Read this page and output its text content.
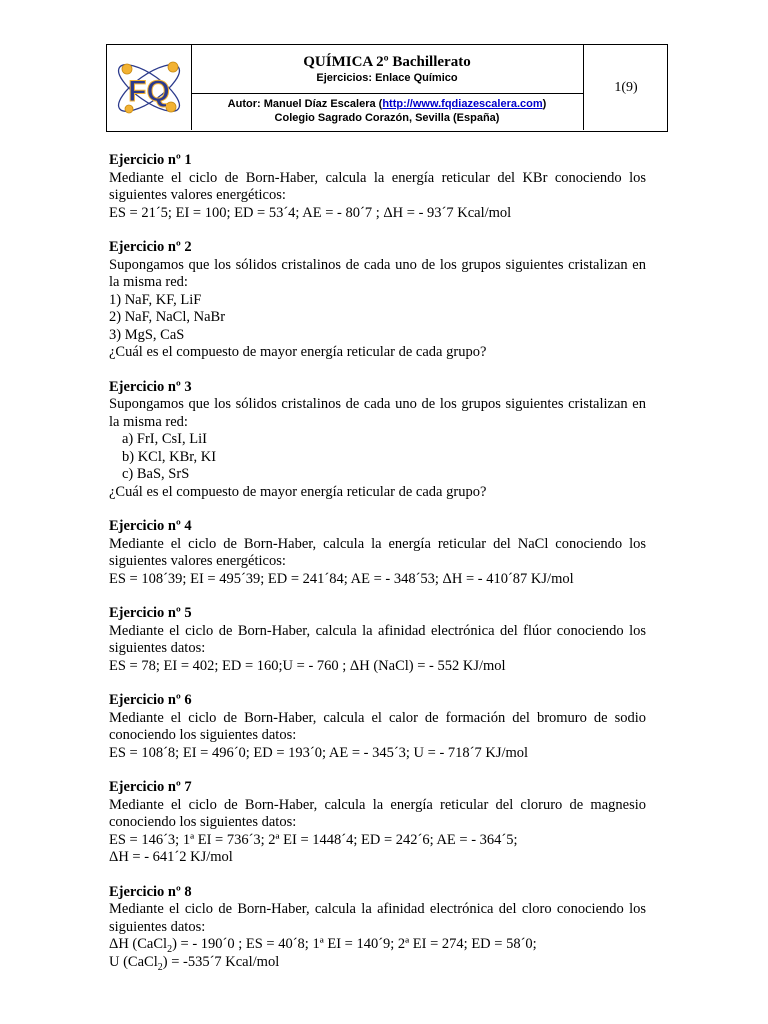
FQ
QUÍMICA 2º Bachillerato
Ejercicios: Enlace Químico
Autor: Manuel Díaz Escalera (http://www.fqdiazescalera.com)
Colegio Sagrado Corazón, Sevilla (España)
1(9)
Ejercicio nº 1
Mediante el ciclo de Born-Haber, calcula la energía reticular del KBr conociendo los siguientes valores energéticos:
ES = 21´5; EI = 100; ED = 53´4; AE = - 80´7 ; ΔH = - 93´7 Kcal/mol
Ejercicio nº 2
Supongamos que los sólidos cristalinos de cada uno de los grupos siguientes cristalizan en la misma red:
1) NaF, KF, LiF
2) NaF, NaCl, NaBr
3) MgS, CaS
¿Cuál es el compuesto de mayor energía reticular de cada grupo?
Ejercicio nº 3
Supongamos que los sólidos cristalinos de cada uno de los grupos siguientes cristalizan en la misma red:
a) FrI, CsI, LiI
b) KCl, KBr, KI
c) BaS, SrS
¿Cuál es el compuesto de mayor energía reticular de cada grupo?
Ejercicio nº 4
Mediante el ciclo de Born-Haber, calcula la energía reticular del NaCl conociendo los siguientes valores energéticos:
ES = 108´39; EI = 495´39; ED = 241´84; AE = - 348´53; ΔH = - 410´87 KJ/mol
Ejercicio nº 5
Mediante el ciclo de Born-Haber, calcula la afinidad electrónica del flúor conociendo los siguientes datos:
ES = 78; EI = 402; ED = 160;U = - 760 ; ΔH (NaCl) = - 552 KJ/mol
Ejercicio nº 6
Mediante el ciclo de Born-Haber, calcula el calor de formación del bromuro de sodio conociendo los siguientes datos:
ES = 108´8; EI = 496´0; ED = 193´0; AE = - 345´3; U = - 718´7 KJ/mol
Ejercicio nº 7
Mediante el ciclo de Born-Haber, calcula la energía reticular del cloruro de magnesio conociendo los siguientes datos:
ES = 146´3; 1ª EI = 736´3; 2ª EI = 1448´4; ED = 242´6; AE = - 364´5;
ΔH = - 641´2 KJ/mol
Ejercicio nº 8
Mediante el ciclo de Born-Haber, calcula la afinidad electrónica del cloro conociendo los siguientes datos:
ΔH (CaCl$_2$) = - 190´0 ; ES = 40´8; 1ª EI = 140´9; 2ª EI = 274; ED = 58´0;
U (CaCl$_2$) = -535´7 Kcal/mol
